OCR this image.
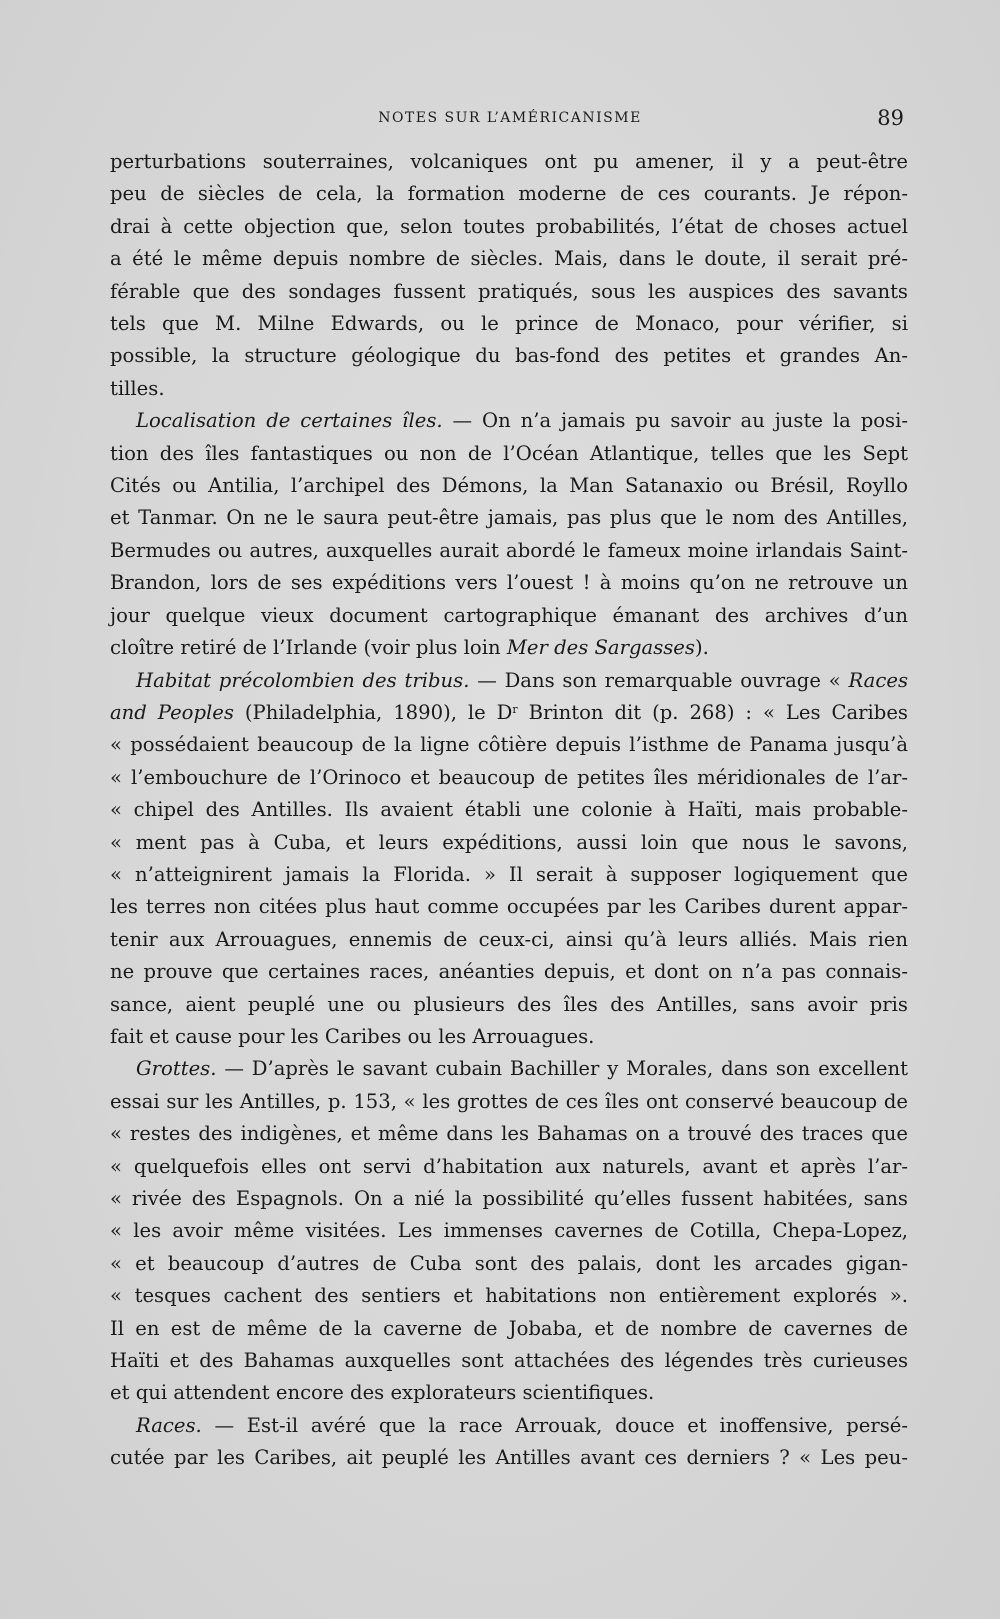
NOTES SUR L’AMÉRICANISME	89

perturbations souterraines, volcaniques ont pu amener, il y a peut-être

peu de siècles de cela, la formation moderne de ces courants. Je répon-

drai à cette objection que, selon toutes probabilités, l’état de choses actuel

a été le même depuis nombre de siècles. Mais, dans le doute, il serait pré-

férable que des sondages fussent pratiqués, sous les auspices des savants

tels que M. Milne Edwards, ou le prince de Monaco, pour vérifier, si

possible, la structure géologique du bas-fond des petites et grandes An-

tilles.

Localisation de certaines îles. — On n’a jamais pu savoir au juste la posi-

tion des îles fantastiques ou non de l’Océan Atlantique, telles que les Sept

Cités ou Antilia, l’archipel des Démons, la Man Satanaxio ou Brésil, Royllo

et Tanmar. On ne le saura peut-être jamais, pas plus que le nom des Antilles,

Bermudes ou autres, auxquelles aurait abordé le fameux moine irlandais Saint-

Brandon, lors de ses expéditions vers l’ouest ! à moins qu’on ne retrouve un

jour quelque vieux document cartographique émanant des archives d’un

cloître retiré de l’Irlande (voir plus loin Mer des Sargasses).

Habitat précolombien des tribus. — Dans son remarquable ouvrage « Races

and Peoples (Philadelphia, 1890), le $D^r$ Brinton dit (p. 268) : « Les Caribes

« possédaient beaucoup de la ligne côtière depuis l’isthme de Panama jusqu’à

« l’embouchure de l’Orinoco et beaucoup de petites îles méridionales de l’ar-

« chipel des Antilles. Ils avaient établi une colonie à Haïti, mais probable-

« ment pas à Cuba, et leurs expéditions, aussi loin que nous le savons,

« n’atteignirent jamais la Florida. » Il serait à supposer logiquement que

les terres non citées plus haut comme occupées par les Caribes durent appar-

tenir aux Arrouagues, ennemis de ceux-ci, ainsi qu’à leurs alliés. Mais rien

ne prouve que certaines races, anéanties depuis, et dont on n’a pas connais-

sance, aient peuplé une ou plusieurs des îles des Antilles, sans avoir pris

fait et cause pour les Caribes ou les Arrouagues.

Grottes. — D’après le savant cubain Bachiller y Morales, dans son excellent

essai sur les Antilles, p. 153, « les grottes de ces îles ont conservé beaucoup de

« restes des indigènes, et même dans les Bahamas on a trouvé des traces que

« quelquefois elles ont servi d’habitation aux naturels, avant et après l’ar-

« rivée des Espagnols. On a nié la possibilité qu’elles fussent habitées, sans

« les avoir même visitées. Les immenses cavernes de Cotilla, Chepa-Lopez,

« et beaucoup d’autres de Cuba sont des palais, dont les arcades gigan-

« tesques cachent des sentiers et habitations non entièrement explorés ».

Il en est de même de la caverne de Jobaba, et de nombre de cavernes de

Haïti et des Bahamas auxquelles sont attachées des légendes très curieuses

et qui attendent encore des explorateurs scientifiques.

Races. — Est-il avéré que la race Arrouak, douce et inoffensive, persé-

cutée par les Caribes, ait peuplé les Antilles avant ces derniers ? « Les peu-
